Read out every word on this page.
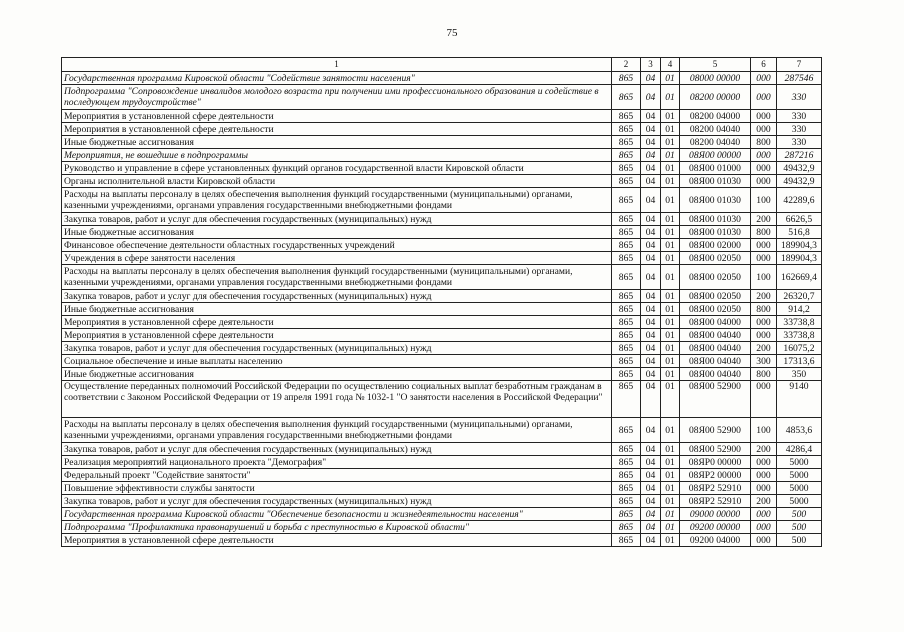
75
1	2	3	4	5	6	7
Государственная программа Кировской области "Содействие занятости населения"	865	04	01	08000 00000	000	287546
Подпрограмма "Сопровождение инвалидов молодого возраста при получении ими профессионального образования и содействие в последующем трудоустройстве"	865	04	01	08200 00000	000	330
Мероприятия в установленной сфере деятельности	865	04	01	08200 04000	000	330
Мероприятия в установленной сфере деятельности	865	04	01	08200 04040	000	330
Иные бюджетные ассигнования	865	04	01	08200 04040	800	330
Мероприятия, не вошедшие в подпрограммы	865	04	01	08Я00 00000	000	287216
Руководство и управление в сфере установленных функций органов государственной власти Кировской области	865	04	01	08Я00 01000	000	49432,9
Органы исполнительной власти Кировской области	865	04	01	08Я00 01030	000	49432,9
Расходы на выплаты персоналу в целях обеспечения выполнения функций государственными (муниципальными) органами, казенными учреждениями, органами управления государственными внебюджетными фондами	865	04	01	08Я00 01030	100	42289,6
Закупка товаров, работ и услуг для обеспечения государственных (муниципальных) нужд	865	04	01	08Я00 01030	200	6626,5
Иные бюджетные ассигнования	865	04	01	08Я00 01030	800	516,8
Финансовое обеспечение деятельности областных государственных учреждений	865	04	01	08Я00 02000	000	189904,3
Учреждения в сфере занятости населения	865	04	01	08Я00 02050	000	189904,3
Расходы на выплаты персоналу в целях обеспечения выполнения функций государственными (муниципальными) органами, казенными учреждениями, органами управления государственными внебюджетными фондами	865	04	01	08Я00 02050	100	162669,4
Закупка товаров, работ и услуг для обеспечения государственных (муниципальных) нужд	865	04	01	08Я00 02050	200	26320,7
Иные бюджетные ассигнования	865	04	01	08Я00 02050	800	914,2
Мероприятия в установленной сфере деятельности	865	04	01	08Я00 04000	000	33738,8
Мероприятия в установленной сфере деятельности	865	04	01	08Я00 04040	000	33738,8
Закупка товаров, работ и услуг для обеспечения государственных (муниципальных) нужд	865	04	01	08Я00 04040	200	16075,2
Социальное обеспечение и иные выплаты населению	865	04	01	08Я00 04040	300	17313,6
Иные бюджетные ассигнования	865	04	01	08Я00 04040	800	350
Осуществление переданных полномочий Российской Федерации по осуществлению социальных выплат безработным гражданам в соответствии с Законом Российской Федерации от 19 апреля 1991 года № 1032-1 "О занятости населения в Российской Федерации"	865	04	01	08Я00 52900	000	9140
Расходы на выплаты персоналу в целях обеспечения выполнения функций государственными (муниципальными) органами, казенными учреждениями, органами управления государственными внебюджетными фондами	865	04	01	08Я00 52900	100	4853,6
Закупка товаров, работ и услуг для обеспечения государственных (муниципальных) нужд	865	04	01	08Я00 52900	200	4286,4
Реализация мероприятий национального проекта "Демография"	865	04	01	08ЯР0 00000	000	5000
Федеральный проект "Содействие занятости"	865	04	01	08ЯР2 00000	000	5000
Повышение эффективности службы занятости	865	04	01	08ЯР2 52910	000	5000
Закупка товаров, работ и услуг для обеспечения государственных (муниципальных) нужд	865	04	01	08ЯР2 52910	200	5000
Государственная программа Кировской области "Обеспечение безопасности и жизнедеятельности населения"	865	04	01	09000 00000	000	500
Подпрограмма "Профилактика правонарушений и борьба с преступностью в Кировской области"	865	04	01	09200 00000	000	500
Мероприятия в установленной сфере деятельности	865	04	01	09200 04000	000	500
